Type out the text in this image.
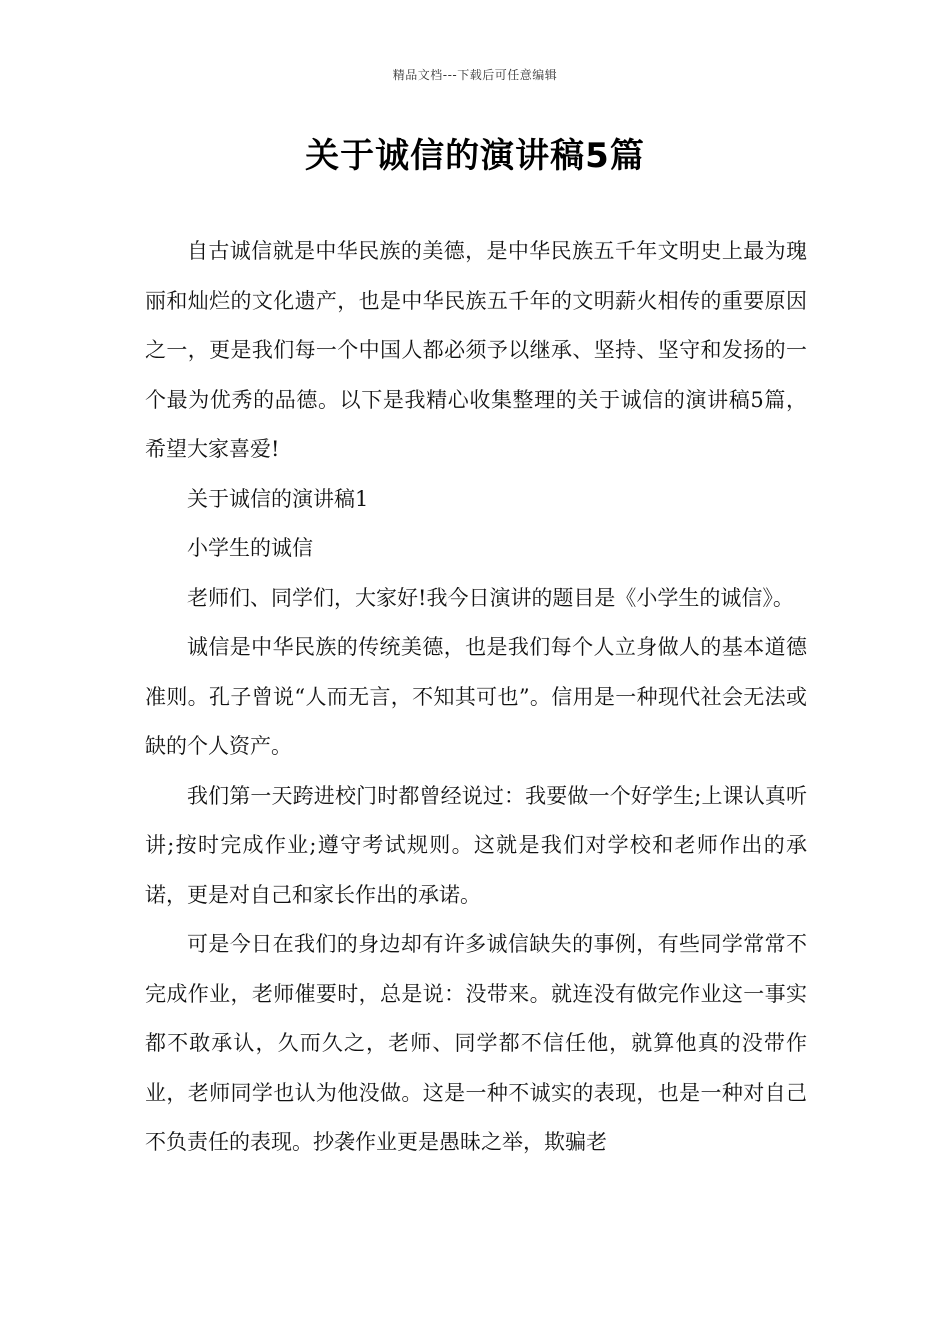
精品文档---下载后可任意编辑
关于诚信的演讲稿5篇

自古诚信就是中华民族的美德，是中华民族五千年文明史上最为瑰丽和灿烂的文化遗产，也是中华民族五千年的文明薪火相传的重要原因之一，更是我们每一个中国人都必须予以继承、坚持、坚守和发扬的一个最为优秀的品德。以下是我精心收集整理的关于诚信的演讲稿5篇，希望大家喜爱!

关于诚信的演讲稿1

小学生的诚信

老师们、同学们，大家好!我今日演讲的题目是《小学生的诚信》。

诚信是中华民族的传统美德，也是我们每个人立身做人的基本道德准则。孔子曾说“人而无言，不知其可也”。信用是一种现代社会无法或缺的个人资产。

我们第一天跨进校门时都曾经说过：我要做一个好学生;上课认真听讲;按时完成作业;遵守考试规则。这就是我们对学校和老师作出的承诺，更是对自己和家长作出的承诺。

可是今日在我们的身边却有许多诚信缺失的事例，有些同学常常不完成作业，老师催要时，总是说：没带来。就连没有做完作业这一事实都不敢承认，久而久之，老师、同学都不信任他，就算他真的没带作业，老师同学也认为他没做。这是一种不诚实的表现，也是一种对自己不负责任的表现。抄袭作业更是愚昧之举，欺骗老
